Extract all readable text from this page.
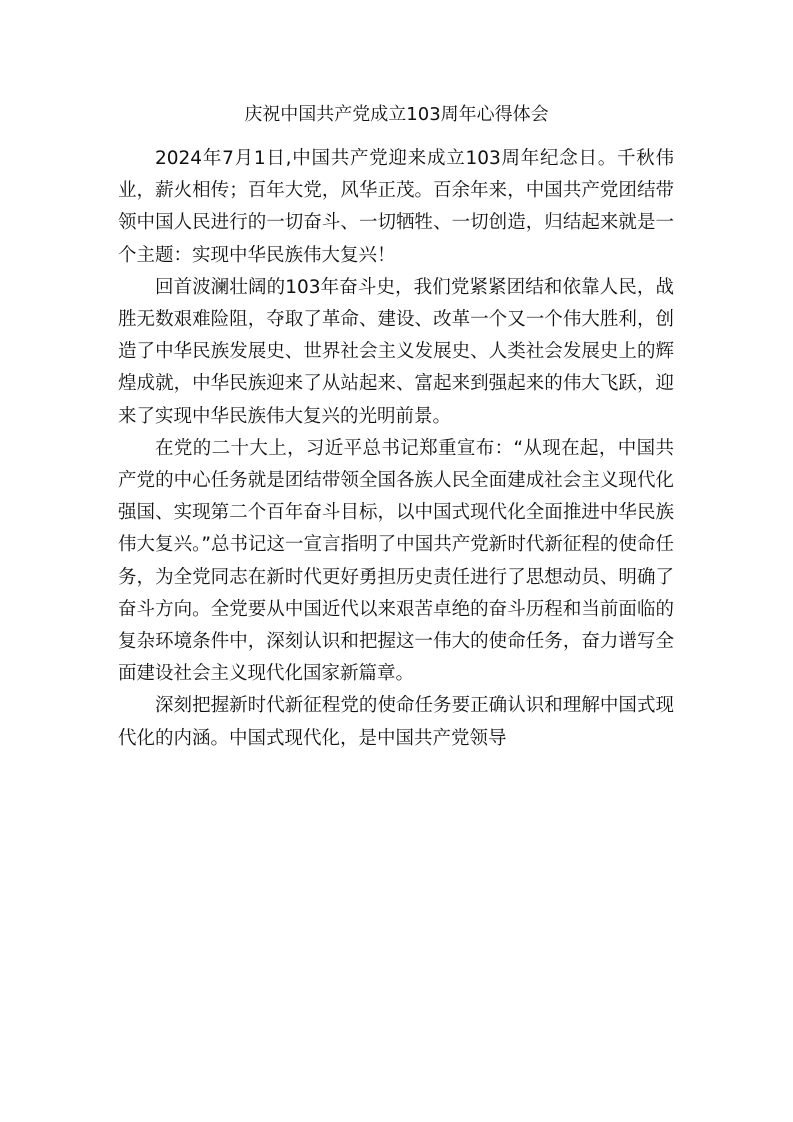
庆祝中国共产党成立103周年心得体会

2024年7月1日,中国共产党迎来成立103周年纪念日。千秋伟业，薪火相传；百年大党，风华正茂。百余年来，中国共产党团结带领中国人民进行的一切奋斗、一切牺牲、一切创造，归结起来就是一个主题：实现中华民族伟大复兴！

回首波澜壮阔的103年奋斗史，我们党紧紧团结和依靠人民，战胜无数艰难险阻，夺取了革命、建设、改革一个又一个伟大胜利，创造了中华民族发展史、世界社会主义发展史、人类社会发展史上的辉煌成就，中华民族迎来了从站起来、富起来到强起来的伟大飞跃，迎来了实现中华民族伟大复兴的光明前景。

在党的二十大上，习近平总书记郑重宣布：“从现在起，中国共产党的中心任务就是团结带领全国各族人民全面建成社会主义现代化强国、实现第二个百年奋斗目标，以中国式现代化全面推进中华民族伟大复兴。”总书记这一宣言指明了中国共产党新时代新征程的使命任务，为全党同志在新时代更好勇担历史责任进行了思想动员、明确了奋斗方向。全党要从中国近代以来艰苦卓绝的奋斗历程和当前面临的复杂环境条件中，深刻认识和把握这一伟大的使命任务，奋力谱写全面建设社会主义现代化国家新篇章。

深刻把握新时代新征程党的使命任务要正确认识和理解中国式现代化的内涵。中国式现代化，是中国共产党领导
